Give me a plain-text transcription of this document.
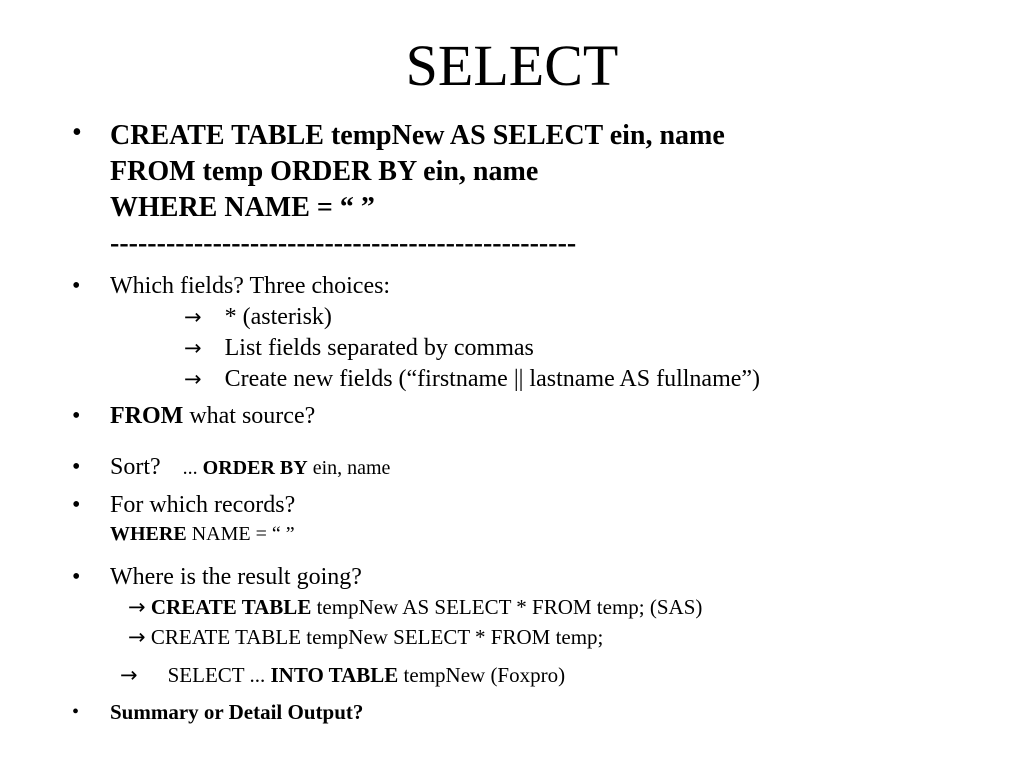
SELECT
• CREATE TABLE tempNew AS SELECT ein, name
FROM temp ORDER BY ein, name
WHERE NAME = “ ”
--------------------------------------------------
• Which fields? Three choices:
→ * (asterisk)
→ List fields separated by commas
→ Create new fields (“firstname || lastname AS fullname”)
• FROM what source?
• Sort? ... ORDER BY ein, name
• For which records?
WHERE NAME = “ ”
• Where is the result going?
→ CREATE TABLE tempNew AS SELECT * FROM temp; (SAS)
→ CREATE TABLE tempNew SELECT * FROM temp;
→ SELECT ... INTO TABLE tempNew (Foxpro)
• Summary or Detail Output?
